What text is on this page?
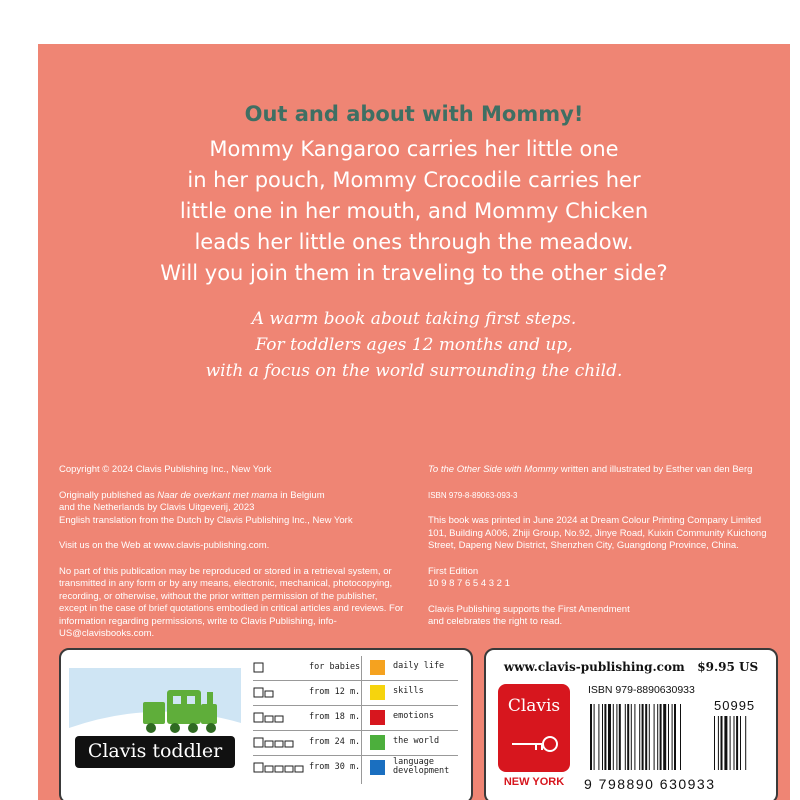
Out and about with Mommy!
Mommy Kangaroo carries her little one
in her pouch, Mommy Crocodile carries her
little one in her mouth, and Mommy Chicken
leads her little ones through the meadow.
Will you join them in traveling to the other side?
A warm book about taking first steps.
For toddlers ages 12 months and up,
with a focus on the world surrounding the child.

Copyright © 2024 Clavis Publishing Inc., New York

Originally published as Naar de overkant met mama in Belgium
and the Netherlands by Clavis Uitgeverij, 2023
English translation from the Dutch by Clavis Publishing Inc., New York

Visit us on the Web at www.clavis-publishing.com.

No part of this publication may be reproduced or stored in a retrieval system, or transmitted in any form or by any means, electronic, mechanical, photocopying, recording, or otherwise, without the prior written permission of the publisher, except in the case of brief quotations embodied in critical articles and reviews. For information regarding permissions, write to Clavis Publishing, info-US@clavisbooks.com.

To the Other Side with Mommy written and illustrated by Esther van den Berg

ISBN 979-8-89063-093-3

This book was printed in June 2024 at Dream Colour Printing Company Limited 101, Building A006, Zhiji Group, No.92, Jinye Road, Kuixin Community Kuichong Street, Dapeng New District, Shenzhen City, Guangdong Province, China.

First Edition
10 9 8 7 6 5 4 3 2 1

Clavis Publishing supports the First Amendment
and celebrates the right to read.

Clavis toddler
for babies	daily life
from 12 m.	skills
from 18 m.	emotions
from 24 m.	the world
from 30 m.	language development
www.clavis-publishing.com $9.95 US
Clavis
NEW YORK
ISBN 979-8890630933
50995
9 798890 630933
